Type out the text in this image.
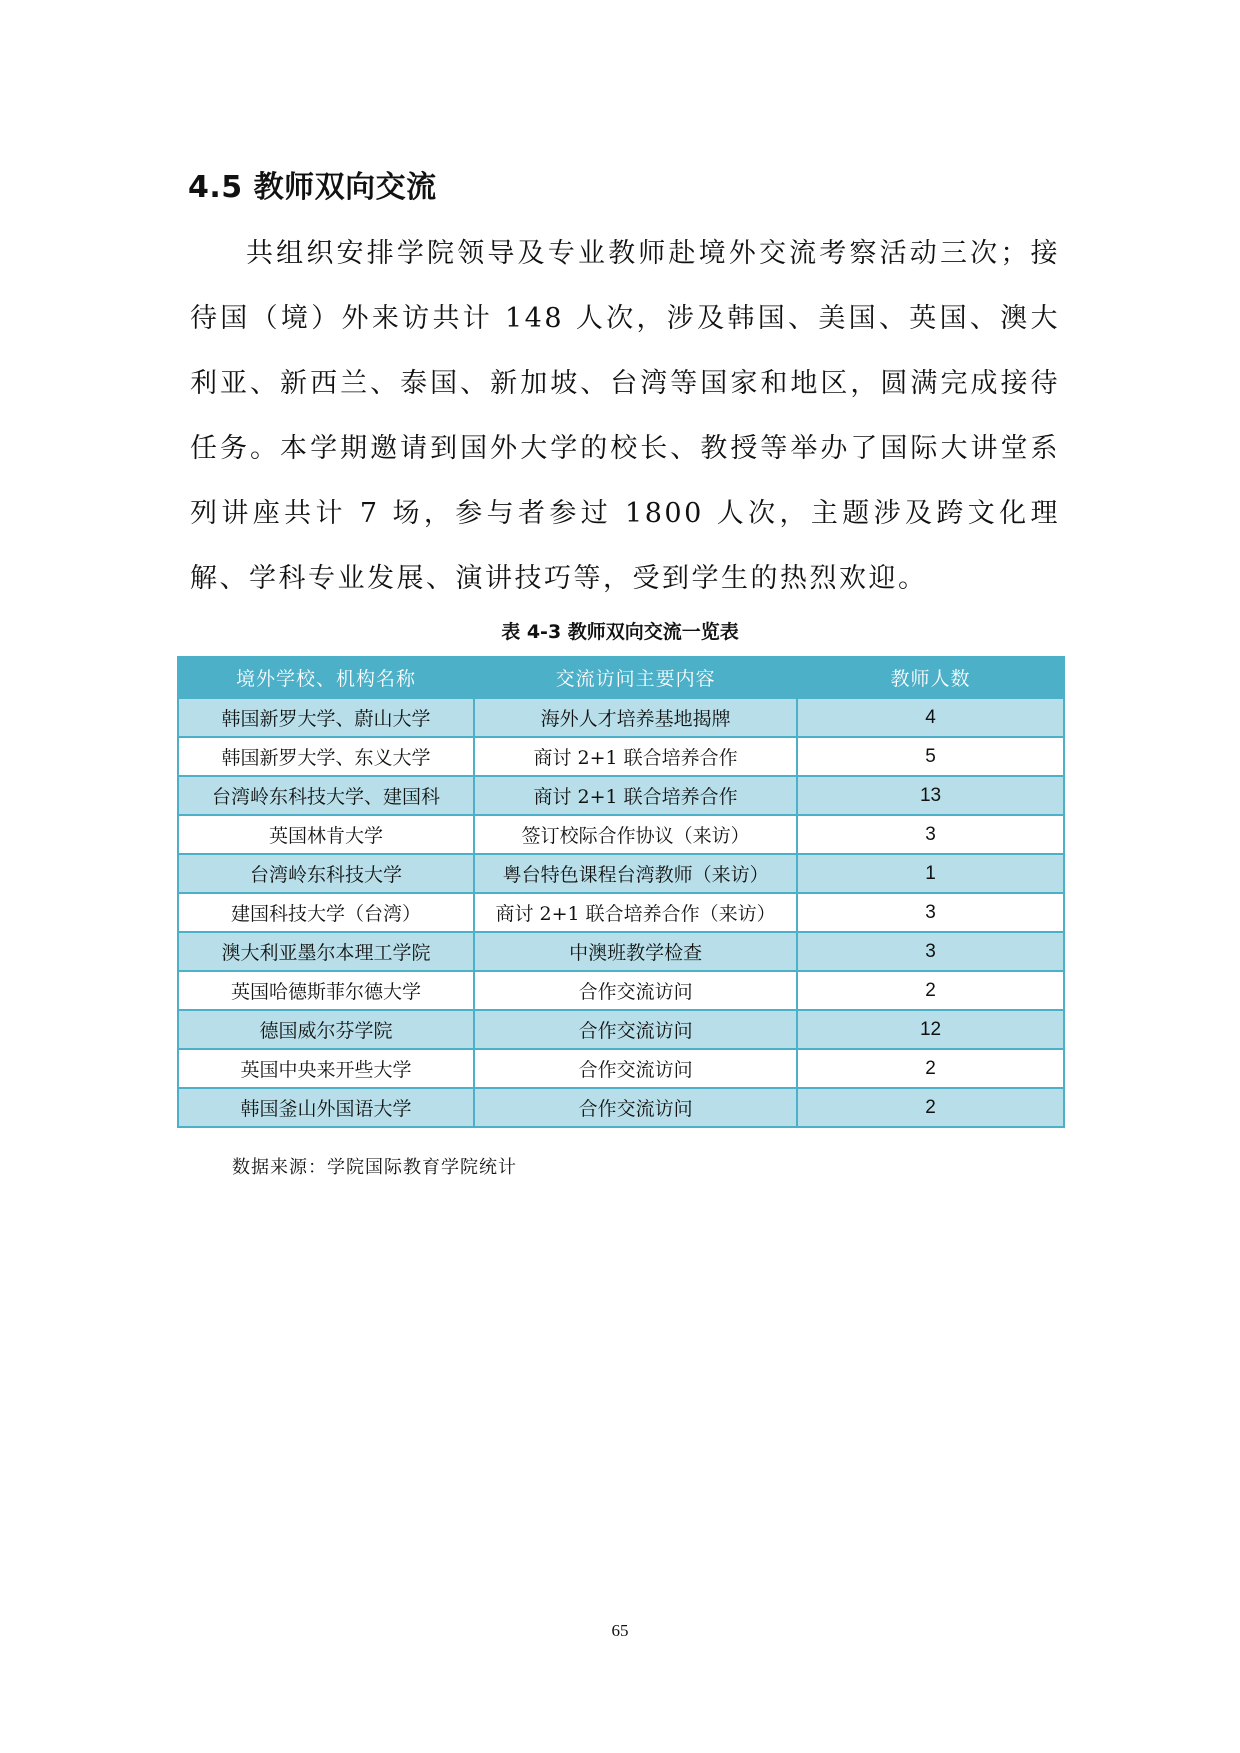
4.5 教师双向交流

共组织安排学院领导及专业教师赴境外交流考察活动三次；接待国（境）外来访共计 148 人次，涉及韩国、美国、英国、澳大利亚、新西兰、泰国、新加坡、台湾等国家和地区，圆满完成接待任务。本学期邀请到国外大学的校长、教授等举办了国际大讲堂系列讲座共计 7 场，参与者参过 1800 人次，主题涉及跨文化理解、学科专业发展、演讲技巧等，受到学生的热烈欢迎。

表 4-3 教师双向交流一览表
境外学校、机构名称	交流访问主要内容	教师人数
韩国新罗大学、蔚山大学	海外人才培养基地揭牌	4
韩国新罗大学、东义大学	商讨 2+1 联合培养合作	5
台湾岭东科技大学、建国科	商讨 2+1 联合培养合作	13
英国林肯大学	签订校际合作协议（来访）	3
台湾岭东科技大学	粤台特色课程台湾教师（来访）	1
建国科技大学（台湾）	商讨 2+1 联合培养合作（来访）	3
澳大利亚墨尔本理工学院	中澳班教学检查	3
英国哈德斯菲尔德大学	合作交流访问	2
德国威尔芬学院	合作交流访问	12
英国中央来开些大学	合作交流访问	2
韩国釜山外国语大学	合作交流访问	2
数据来源：学院国际教育学院统计
65
